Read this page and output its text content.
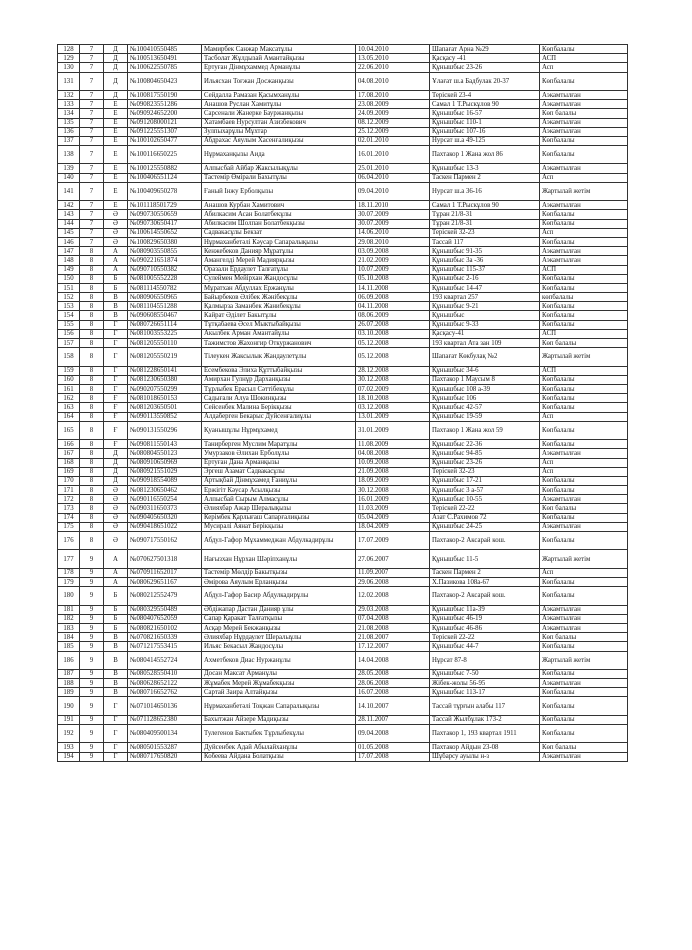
128	7	Д	№100410550485	Мамирбек Санжар Максатұлы	10.04.2010	Шапағат Арна №29	Көпбалалы
129	7	Д	№100513650491	Тасболат Жұлдызай Амантайқызы	13.05.2010	Қасқасу -41	АСП
130	7	Д	№100622550785	Ертуған Дінмұхаммед Арманұлы	22.06.2010	Құнышбыс 23-26	Асп
131	7	Д	№100804650423	Ильясхан Тоғжан Досжанқызы	04.08.2010	Ұлағат ш.а Бадбулак 20-37	Көпбалалы
132	7	Д	№100817550190	Сейдалла Рамазан Қасымханұлы	17.08.2010	Терiскей 23-4	Аэкамтылған
133	7	Е	№090823551286	Анашов Руслан Хамитұлы	23.08.2009	Самал 1 Т.Рыскұлов 90	Аэкамтылған
134	7	Е	№090924652200	Сарсенали Жанерке Бауржанқызы	24.09.2009	Құнышбыс 16-57	Көп балалы
135	7	Е	№091208000121	Хатамбаев Нурсултан Азизбекович	08.12.2009	Құнышбыс 110-1	Аэкамтылған
136	7	Е	№091225551307	Зулпыхарұлы Мұхтар	25.12.2009	Құнышбыс 107-16	Аэкамтылған
137	7	Е	№100102650477	Абдрахас Аяулым Хасенғалиқызы	02.01.2010	Нурсат ш.а 49-125	Көпбалалы
138	7	Е	№100116650225	Нұрмаханқызы Аида	16.01.2010	Пахтакор 1 Жана жол 86	Көпбалалы
139	7	Е	№100125550882	Алпысбай Айбар Жаксылықұлы	25.01.2010	Құнышбыс 13-3	Аэкамтылған
140	7	Е	№100406551124	Тастемір Өмірали Бахытұлы	06.04.2010	Таскен Пармен 2	Асп
141	7	Е	№100409650278	Ғаный Інжу Ерболқызы	09.04.2010	Нурсат ш.а 36-16	Жартылай жетім
142	7	Е	№101118501729	Анашов Курбан Хамитович	18.11.2010	Самал 1 Т.Рыскұлов 90	Аэкамтылған
143	7	Ә	№090730550659	Абилкасим Асан Болатбекұлы	30.07.2009	Тұран 21/8-31	Көпбалалы
144	7	Ә	№090730650417	Абилкасим Шолпан Болатбекқызы	30.07.2009	Тұран 21/8-31	Көпбалалы
145	7	Ә	№100614550652	Садвакасұлы Бекзат	14.06.2010	Терiскей 32-23	Асп
146	7	Ә	№100829650380	Нұрмаханбетәлі Кәусар Сапаралықызы	29.08.2010	Тассай 117	Көпбалалы
147	8	А	№080903550855	Кенжебеков Данияр Мұратұлы	03.09.2008	Құнышбыс 91-35	Аэкамтылған
148	8	А	№090221651874	Амангелді Мерей Мадиярқызы	21.02.2009	Құнышбыс 3а -36	Аэкамтылған
149	8	А	№090710550382	Оразали Ердаулет Талғатұлы	10.07.2009	Құнышбыс 115-37	АСП
150	8	Б	№081005552228	Сулеймен Мейірхан Жандосұлы	05.10.2008	Құнышбыс 2-16	Көпбалалы
151	8	Б	№081114550782	Мұратхан Абдуллах Ержанұлы	14.11.2008	Құнышбыс 14-47	Көпбалалы
152	8	В	№080906550965	Байырбеков Әлібек Жәнібекұлы	06.09.2008	193 квартал 257	көпбалалы
153	8	В	№081104551288	Қалмырза Заманбек Жанибекұлы	04.11.2008	Құнышбыс 9-21	Көпбалалы
154	8	В	№090608550467	Кайрат Әділет Бакытұлы	08.06.2009	Құнышбыс	Көпбалалы
155	8	Г	№080726651114	Тұтқабаева Әсел Мыктыбайқызы	26.07.2008	Құнышбыс 9-33	Көпбалалы
156	8	Г	№081003553225	Акылбек Арман Амантайұлы	03.10.2008	Қасқасу-41	АСП
157	8	Г	№081205550110	Тажимстов Жахонгир Откуржанович	05.12.2008	193 квартал Ата зан 109	Көп балалы
158	8	Г	№081205550219	Тілеукен Жаксылык Жандаулетұлы	05.12.2008	Шапағат Көкбулақ №2	Жартылай жетім
159	8	Г	№081228650141	Есембекова Элиха Құттыбайқызы	28.12.2008	Құнышбыс 34-6	АСП
160	8	Г	№081230650380	Амирхан Гулнұр Дарханқызы	30.12.2008	Пахтакор 1 Маусым 8	Көпбалалы
161	8	Г	№090207550299	Тұрлыбек Ерасыл Сәттібекұлы	07.02.2009	Құнышбыс 108 а-39	Көпбалалы
162	8	Ғ	№081018650153	Садығали Алуа Шокинқызы	18.10.2008	Құнышбыс 106	Көпбалалы
163	8	Ғ	№081203650501	Сейсенбек Малина Берікқызы	03.12.2008	Құнышбыс 42-57	Көпбалалы
164	8	Ғ	№090113550852	Алдаберген Бекарыс Дуйсенғалиұлы	13.01.2009	Құнышбыс 19-59	Асп
165	8	Ғ	№090131550296	Қуанышұлы Нұрмұхамед	31.01.2009	Пахтакор 1 Жана жол 59	Көпбалалы
166	8	Ғ	№090811550143	Танирберген Муслим Маратұлы	11.08.2009	Құнышбыс 22-36	Көпбалалы
167	8	Д	№080804550123	Умурзаков Әлихан Ерболұлы	04.08.2008	Құнышбыс 94-85	Аэкамтылған
168	8	Д	№080910650969	Ертуған Дана Арманқызы	10.09.2008	Құнышбыс 23-26	Асп
169	8	Д	№080921551029	Эргеш Азамат Садвакасұлы	21.09.2008	Терiскей 32-23	Асп
170	8	Д	№090918554089	Артықбай Дінмұхамед Ғаниұлы	18.09.2009	Құнышбыс 17-21	Көпбалалы
171	8	Ә	№081230650462	Ержігіт Кәусар Асылқызы	30.12.2008	Құнышбыс 3 а-57	Көпбалалы
172	8	Ә	№090116550254	Алпысбай Сырым Алмасұлы	16.01.2009	Құнышбыс 10-55	Аэкамтылған
173	8	Ә	№090311650373	Әлияхбар Ажар Шералықызы	11.03.2009	Терiскей 22-22	Көп балалы
174	8	Ә	№090405650320	Керімбек Қарлығаш Сапарғалиқызы	05.04.2009	Азат С.Рахимов 72	Көпбалалы
175	8	Ә	№090418651022	Мусиралі Аянат Берікқызы	18.04.2009	Құнышбыс 24-25	Аэкамтылған
176	8	Ә	№090717550162	Абдул-Гафор Мұхаммеджан Абдулкадирұлы	17.07.2009	Пахтакор-2 Аксарай кош.	Көпбалалы
177	9	А	№070627501318	Нағызхан Нұрхан Шәріпханұлы	27.06.2007	Құнышбыс 11-5	Жартылай жетім
178	9	А	№070911652017	Тастемір Мөлдір Бакытқызы	11.09.2007	Таскен Пармен 2	Асп
179	9	А	№080629651167	Әмірова Аяулым Ерланқызы	29.06.2008	Х.Пазикова 108а-67	Көпбалалы
180	9	Б	№080212552479	Абдул-Гафор Басир Абдулкадирұлы	12.02.2008	Пахтакор-2 Аксарай кош.	Көпбалалы
181	9	Б	№080329550489	Әбдіжапар Дастан Данияр ұлы	29.03.2008	Құнышбыс 11а-39	Аэкамтылған
182	9	Б	№080407652059	Сапар Қаракат Талғатқызы	07.04.2008	Құнышбыс 46-19	Аэкамтылған
183	9	Б	№080821650102	Асқар Мерей Бекжанқызы	21.08.2008	Құнышбыс 46-86	Аэкамтылған
184	9	В	№070821650339	Әлияхбар Нұрдаулет Шералыұлы	21.08.2007	Терiскей 22-22	Көп балалы
185	9	В	№071217553415	Ильяс Бекасыл Жандосұлы	17.12.2007	Құнышбыс 44-7	Көпбалалы
186	9	В	№080414552724	Ахметбеков Диас Нуржанұлы	14.04.2008	Нұрсат 87-8	Жартылай жетім
187	9	В	№080528550410	Досан Максат Арманұлы	28.05.2008	Құнышбыс 7-50	Көпбалалы
188	9	В	№080628652122	Жұмабек Мерей Жұмабекқызы	28.06.2008	Жібек-жолы 56-95	Аэкамтылған
189	9	В	№080716652762	Сартай Заира Алтайқызы	16.07.2008	Құнышбыс 113-17	Көпбалалы
190	9	Г	№071014650136	Нұрмаханбетәлі Тоқжан Сапаралықызы	14.10.2007	Тассай тұрғын алабы 117	Көпбалалы
191	9	Г	№071128652380	Бахытжан Айзере Мадиқызы	28.11.2007	Тассай Жылбұлак 173-2	Көпбалалы
192	9	Г	№080409500134	Тулегенов Бактыбек Тұрлыбекұлы	09.04.2008	Пахтакор 1, 193 квартал 1911	Көпбалалы
193	9	Г	№080501553287	Дуйсенбек Адай Абылайханұлы	01.05.2008	Пахтакор Айдын 23-08	Көп балалы
194	9	Г	№080717650820	Кобеева Айдана Болатқызы	17.07.2008	Шұбарсу ауылы н-з	Аэкамтылған
